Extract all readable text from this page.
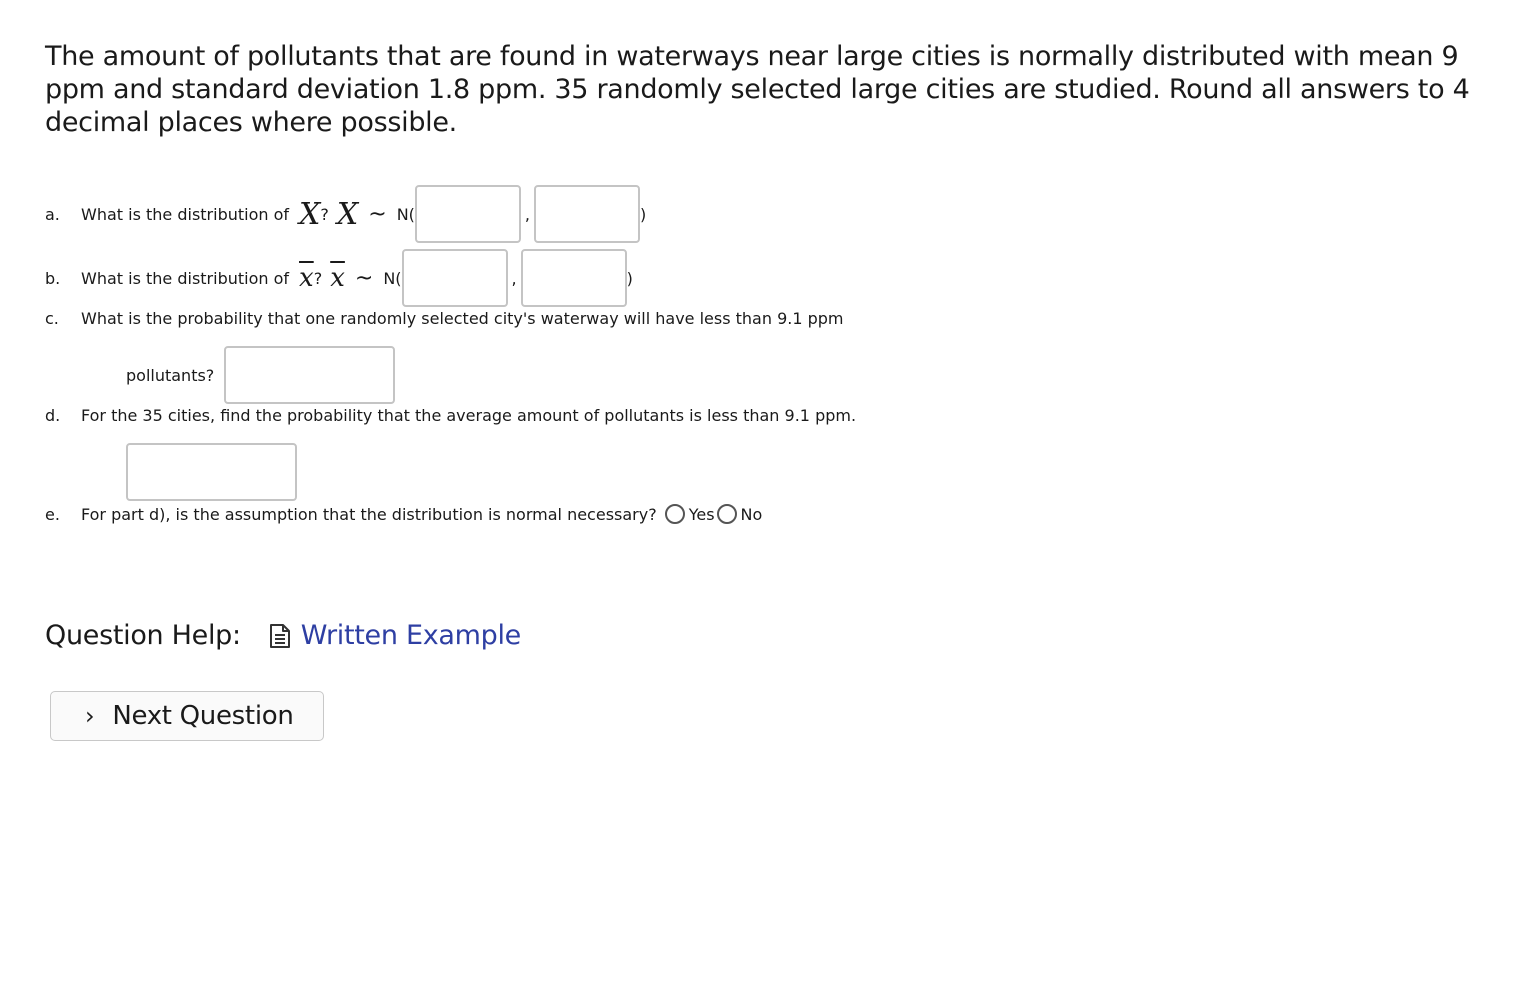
The amount of pollutants that are found in waterways near large cities is normally distributed with mean 9 ppm and standard deviation 1.8 ppm. 35 randomly selected large cities are studied. Round all answers to 4 decimal places where possible.

a.	What is the distribution of X ? X ~ N(	,	)
b.	What is the distribution of $\overline{x}$ ? $\overline{x}$ ~ N(	,	)
c.	What is the probability that one randomly selected city's waterway will have less than 9.1 ppm
pollutants?
d.	For the 35 cities, find the probability that the average amount of pollutants is less than 9.1 ppm.
e.	For part d), is the assumption that the distribution is normal necessary? Yes No
Question Help: Written Example
› Next Question
